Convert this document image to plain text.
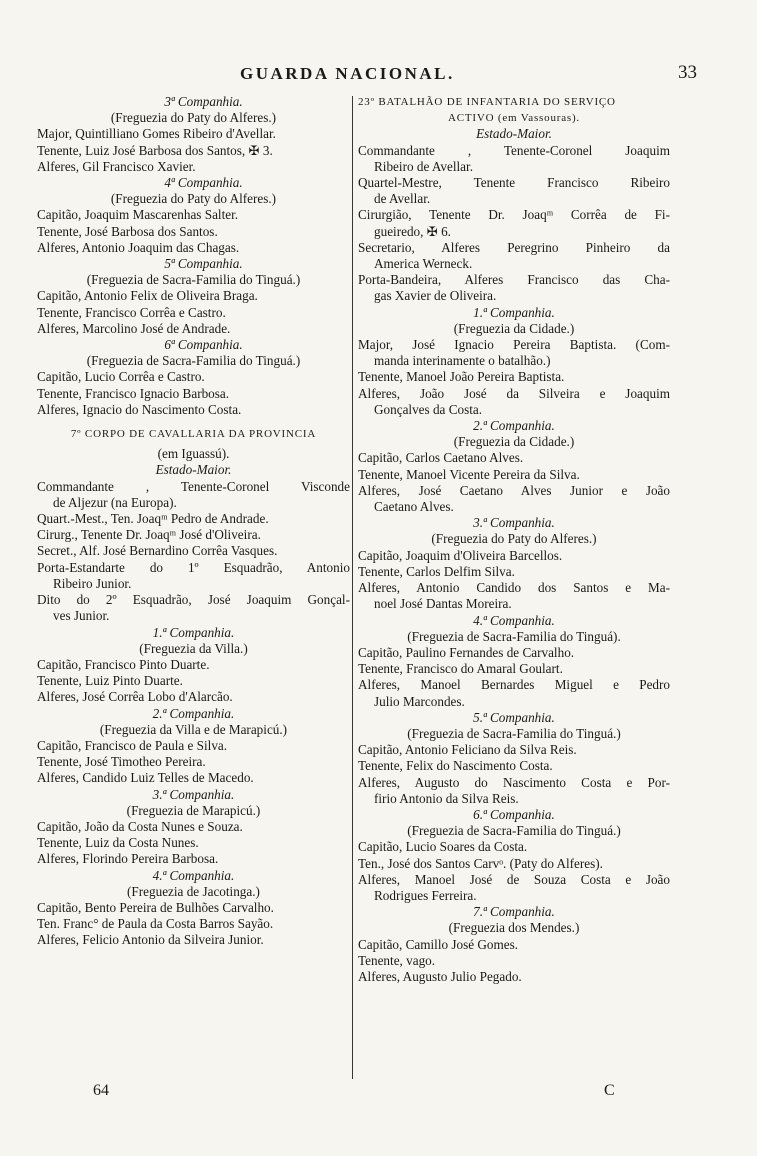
GUARDA NACIONAL.	33
3ª Companhia.
(Freguezia do Paty do Alferes.)
Major, Quintilliano Gomes Ribeiro d'Avellar.
Tenente, Luiz José Barbosa dos Santos, ✠ 3.
Alferes, Gil Francisco Xavier.
4ª Companhia.
(Freguezia do Paty do Alferes.)
Capitão, Joaquim Mascarenhas Salter.
Tenente, José Barbosa dos Santos.
Alferes, Antonio Joaquim das Chagas.
5ª Companhia.
(Freguezia de Sacra-Familia do Tinguá.)
Capitão, Antonio Felix de Oliveira Braga.
Tenente, Francisco Corrêa e Castro.
Alferes, Marcolino José de Andrade.
6ª Companhia.
(Freguezia de Sacra-Familia do Tinguá.)
Capitão, Lucio Corrêa e Castro.
Tenente, Francisco Ignacio Barbosa.
Alferes, Ignacio do Nascimento Costa.
7º CORPO DE CAVALLARIA DA PROVINCIA
(em Iguassú).
Estado-Maior.
Commandante , Tenente-Coronel Visconde
de Aljezur (na Europa).
Quart.-Mest., Ten. Joaqᵐ Pedro de Andrade.
Cirurg., Tenente Dr. Joaqᵐ José d'Oliveira.
Secret., Alf. José Bernardino Corrêa Vasques.
Porta-Estandarte do 1º Esquadrão, Antonio
Ribeiro Junior.
Dito do 2º Esquadrão, José Joaquim Gonçal-
ves Junior.
1.ª Companhia.
(Freguezia da Villa.)
Capitão, Francisco Pinto Duarte.
Tenente, Luiz Pinto Duarte.
Alferes, José Corrêa Lobo d'Alarcão.
2.ª Companhia.
(Freguezia da Villa e de Marapicú.)
Capitão, Francisco de Paula e Silva.
Tenente, José Timotheo Pereira.
Alferes, Candido Luiz Telles de Macedo.
3.ª Companhia.
(Freguezia de Marapicú.)
Capitão, João da Costa Nunes e Souza.
Tenente, Luiz da Costa Nunes.
Alferes, Florindo Pereira Barbosa.
4.ª Companhia.
(Freguezia de Jacotinga.)
Capitão, Bento Pereira de Bulhões Carvalho.
Ten. Franc° de Paula da Costa Barros Sayão.
Alferes, Felicio Antonio da Silveira Junior.
23º BATALHÃO DE INFANTARIA DO SERVIÇO
ACTIVO (em Vassouras).
Estado-Maior.
Commandante , Tenente-Coronel Joaquim
Ribeiro de Avellar.
Quartel-Mestre, Tenente Francisco Ribeiro
de Avellar.
Cirurgião, Tenente Dr. Joaqᵐ Corrêa de Fi-
gueiredo, ✠ 6.
Secretario, Alferes Peregrino Pinheiro da
America Werneck.
Porta-Bandeira, Alferes Francisco das Cha-
gas Xavier de Oliveira.
1.ª Companhia.
(Freguezia da Cidade.)
Major, José Ignacio Pereira Baptista. (Com-
manda interinamente o batalhão.)
Tenente, Manoel João Pereira Baptista.
Alferes, João José da Silveira e Joaquim
Gonçalves da Costa.
2.ª Companhia.
(Freguezia da Cidade.)
Capitão, Carlos Caetano Alves.
Tenente, Manoel Vicente Pereira da Silva.
Alferes, José Caetano Alves Junior e João
Caetano Alves.
3.ª Companhia.
(Freguezia do Paty do Alferes.)
Capitão, Joaquim d'Oliveira Barcellos.
Tenente, Carlos Delfim Silva.
Alferes, Antonio Candido dos Santos e Ma-
noel José Dantas Moreira.
4.ª Companhia.
(Freguezia de Sacra-Familia do Tinguá).
Capitão, Paulino Fernandes de Carvalho.
Tenente, Francisco do Amaral Goulart.
Alferes, Manoel Bernardes Miguel e Pedro
Julio Marcondes.
5.ª Companhia.
(Freguezia de Sacra-Familia do Tinguá.)
Capitão, Antonio Feliciano da Silva Reis.
Tenente, Felix do Nascimento Costa.
Alferes, Augusto do Nascimento Costa e Por-
firio Antonio da Silva Reis.
6.ª Companhia.
(Freguezia de Sacra-Familia do Tinguá.)
Capitão, Lucio Soares da Costa.
Ten., José dos Santos Carvᵒ. (Paty do Alferes).
Alferes, Manoel José de Souza Costa e João
Rodrigues Ferreira.
7.ª Companhia.
(Freguezia dos Mendes.)
Capitão, Camillo José Gomes.
Tenente, vago.
Alferes, Augusto Julio Pegado.
64	C
